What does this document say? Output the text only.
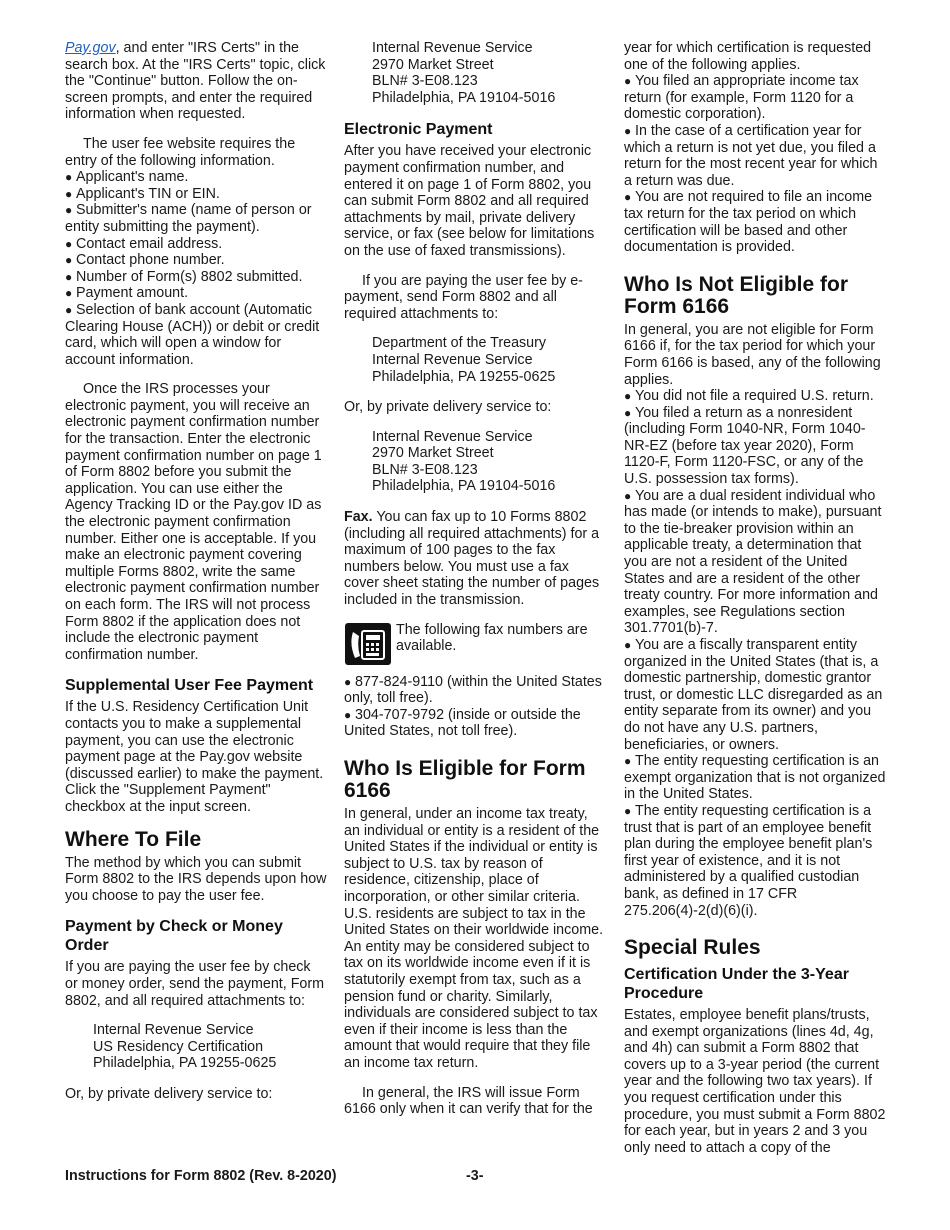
Pay.gov, and enter "IRS Certs" in the search box. At the "IRS Certs" topic, click the "Continue" button. Follow the on-screen prompts, and enter the required information when requested.

The user fee website requires the entry of the following information.

● Applicant's name.
● Applicant's TIN or EIN.
● Submitter's name (name of person or entity submitting the payment).
● Contact email address.
● Contact phone number.
● Number of Form(s) 8802 submitted.
● Payment amount.
● Selection of bank account (Automatic Clearing House (ACH)) or debit or credit card, which will open a window for account information.

Once the IRS processes your electronic payment, you will receive an electronic payment confirmation number for the transaction. Enter the electronic payment confirmation number on page 1 of Form 8802 before you submit the application. You can use either the Agency Tracking ID or the Pay.gov ID as the electronic payment confirmation number. Either one is acceptable. If you make an electronic payment covering multiple Forms 8802, write the same electronic payment confirmation number on each form. The IRS will not process Form 8802 if the application does not include the electronic payment confirmation number.

Supplemental User Fee Payment

If the U.S. Residency Certification Unit contacts you to make a supplemental payment, you can use the electronic payment page at the Pay.gov website (discussed earlier) to make the payment. Click the "Supplement Payment" checkbox at the input screen.

Where To File

The method by which you can submit Form 8802 to the IRS depends upon how you choose to pay the user fee.

Payment by Check or Money Order

If you are paying the user fee by check or money order, send the payment, Form 8802, and all required attachments to:

Internal Revenue Service
US Residency Certification
Philadelphia, PA 19255-0625

Or, by private delivery service to:

Internal Revenue Service
2970 Market Street
BLN# 3-E08.123
Philadelphia, PA 19104-5016
Electronic Payment

After you have received your electronic payment confirmation number, and entered it on page 1 of Form 8802, you can submit Form 8802 and all required attachments by mail, private delivery service, or fax (see below for limitations on the use of faxed transmissions).

If you are paying the user fee by e-payment, send Form 8802 and all required attachments to:

Department of the Treasury
Internal Revenue Service
Philadelphia, PA 19255-0625

Or, by private delivery service to:

Internal Revenue Service
2970 Market Street
BLN# 3-E08.123
Philadelphia, PA 19104-5016

Fax. You can fax up to 10 Forms 8802 (including all required attachments) for a maximum of 100 pages to the fax numbers below. You must use a fax cover sheet stating the number of pages included in the transmission.

The following fax numbers are available.

● 877-824-9110 (within the United States only, toll free).
● 304-707-9792 (inside or outside the United States, not toll free).
Who Is Eligible for Form 6166

In general, under an income tax treaty, an individual or entity is a resident of the United States if the individual or entity is subject to U.S. tax by reason of residence, citizenship, place of incorporation, or other similar criteria. U.S. residents are subject to tax in the United States on their worldwide income. An entity may be considered subject to tax on its worldwide income even if it is statutorily exempt from tax, such as a pension fund or charity. Similarly, individuals are considered subject to tax even if their income is less than the amount that would require that they file an income tax return.

In general, the IRS will issue Form 6166 only when it can verify that for the

year for which certification is requested one of the following applies.

● You filed an appropriate income tax return (for example, Form 1120 for a domestic corporation).
● In the case of a certification year for which a return is not yet due, you filed a return for the most recent year for which a return was due.
● You are not required to file an income tax return for the tax period on which certification will be based and other documentation is provided.
Who Is Not Eligible for Form 6166

In general, you are not eligible for Form 6166 if, for the tax period for which your Form 6166 is based, any of the following applies.

● You did not file a required U.S. return.
● You filed a return as a nonresident (including Form 1040-NR, Form 1040-NR-EZ (before tax year 2020), Form 1120-F, Form 1120-FSC, or any of the U.S. possession tax forms).
● You are a dual resident individual who has made (or intends to make), pursuant to the tie-breaker provision within an applicable treaty, a determination that you are not a resident of the United States and are a resident of the other treaty country. For more information and examples, see Regulations section 301.7701(b)-7.
● You are a fiscally transparent entity organized in the United States (that is, a domestic partnership, domestic grantor trust, or domestic LLC disregarded as an entity separate from its owner) and you do not have any U.S. partners, beneficiaries, or owners.
● The entity requesting certification is an exempt organization that is not organized in the United States.
● The entity requesting certification is a trust that is part of an employee benefit plan during the employee benefit plan's first year of existence, and it is not administered by a qualified custodian bank, as defined in 17 CFR 275.206(4)-2(d)(6)(i).
Special Rules
Certification Under the 3-Year Procedure

Estates, employee benefit plans/trusts, and exempt organizations (lines 4d, 4g, and 4h) can submit a Form 8802 that covers up to a 3-year period (the current year and the following two tax years). If you request certification under this procedure, you must submit a Form 8802 for each year, but in years 2 and 3 you only need to attach a copy of the

Instructions for Form 8802 (Rev. 8-2020)	-3-
